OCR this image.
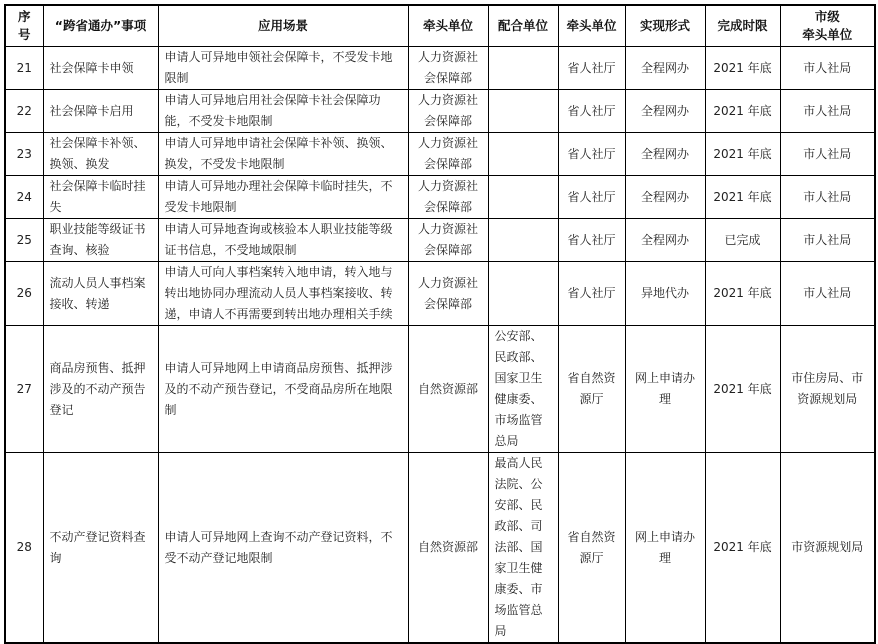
序号	“跨省通办”事项	应用场景	牵头单位	配合单位	牵头单位	实现形式	完成时限	市级
牵头单位
21	社会保障卡申领	申请人可异地申领社会保障卡，不受发卡地限制	人力资源社会保障部		省人社厅	全程网办	2021 年底	市人社局
22	社会保障卡启用	申请人可异地启用社会保障卡社会保障功能，不受发卡地限制	人力资源社会保障部		省人社厅	全程网办	2021 年底	市人社局
23	社会保障卡补领、换领、换发	申请人可异地申请社会保障卡补领、换领、换发，不受发卡地限制	人力资源社会保障部		省人社厅	全程网办	2021 年底	市人社局
24	社会保障卡临时挂失	申请人可异地办理社会保障卡临时挂失，不受发卡地限制	人力资源社会保障部		省人社厅	全程网办	2021 年底	市人社局
25	职业技能等级证书查询、核验	申请人可异地查询或核验本人职业技能等级证书信息，不受地域限制	人力资源社会保障部		省人社厅	全程网办	已完成	市人社局
26	流动人员人事档案接收、转递	申请人可向人事档案转入地申请，转入地与转出地协同办理流动人员人事档案接收、转递，申请人不再需要到转出地办理相关手续	人力资源社会保障部		省人社厅	异地代办	2021 年底	市人社局
27	商品房预售、抵押涉及的不动产预告登记	申请人可异地网上申请商品房预售、抵押涉及的不动产预告登记，不受商品房所在地限制	自然资源部	公安部、民政部、国家卫生健康委、市场监管总局	省自然资源厅	网上申请办理	2021 年底	市住房局、市资源规划局
28	不动产登记资料查询	申请人可异地网上查询不动产登记资料，不受不动产登记地限制	自然资源部	最高人民法院、公安部、民政部、司法部、国家卫生健康委、市场监管总局	省自然资源厅	网上申请办理	2021 年底	市资源规划局
